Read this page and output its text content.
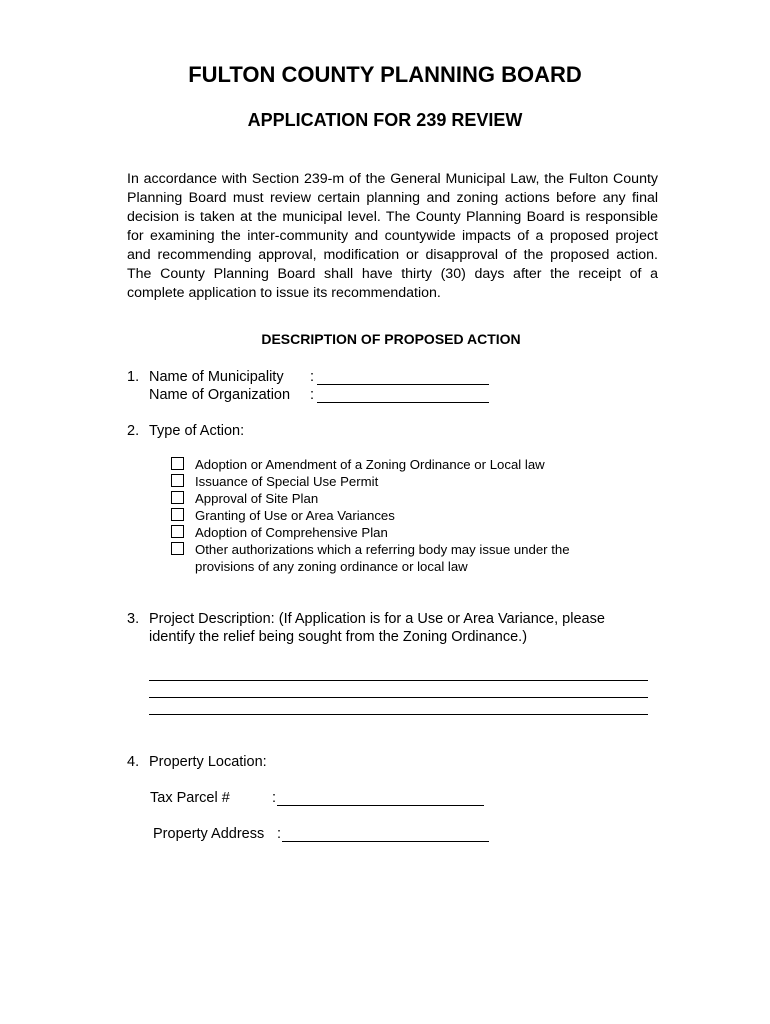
FULTON COUNTY PLANNING BOARD
APPLICATION FOR 239 REVIEW
In accordance with Section 239-m of the General Municipal Law, the Fulton County Planning Board must review certain planning and zoning actions before any final decision is taken at the municipal level. The County Planning Board is responsible for examining the inter-community and countywide impacts of a proposed project and recommending approval, modification or disapproval of the proposed action. The County Planning Board shall have thirty (30) days after the receipt of a complete application to issue its recommendation.
DESCRIPTION OF PROPOSED ACTION
1. Name of Municipality :
Name of Organization :
2. Type of Action:
Adoption or Amendment of a Zoning Ordinance or Local law
Issuance of Special Use Permit
Approval of Site Plan
Granting of Use or Area Variances
Adoption of Comprehensive Plan
Other authorizations which a referring body may issue under the
provisions of any zoning ordinance or local law
3. Project Description: (If Application is for a Use or Area Variance, please
identify the relief being sought from the Zoning Ordinance.)
4. Property Location:
Tax Parcel #	:
Property Address :
